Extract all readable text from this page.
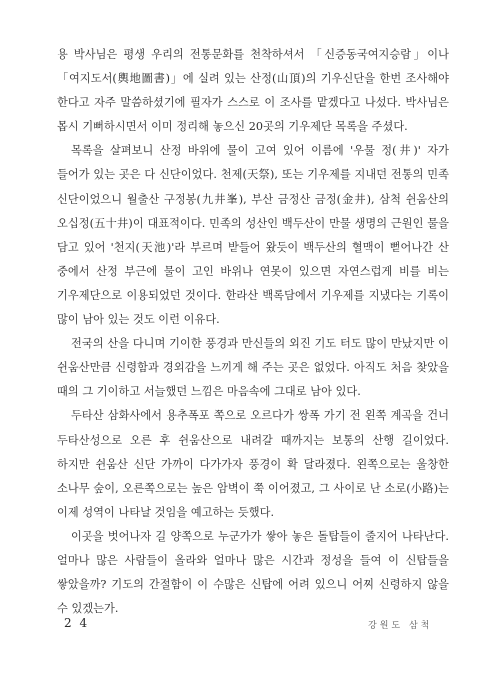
용 박사님은 평생 우리의 전통문화를 천착하셔서 「신증동국여지승람」이나 「여지도서(輿地圖書)」에 실려 있는 산정(山頂)의 기우신단을 한번 조사해야 한다고 자주 말씀하셨기에 필자가 스스로 이 조사를 맡겠다고 나섰다. 박사님은 몹시 기뻐하시면서 이미 정리해 놓으신 20곳의 기우제단 목록을 주셨다.

목록을 살펴보니 산정 바위에 물이 고여 있어 이름에 '우물 정(井)' 자가 들어가 있는 곳은 다 신단이었다. 천제(天祭), 또는 기우제를 지내던 전통의 민족 신단이었으니 월출산 구정봉(九井峯), 부산 금정산 금정(金井), 삼척 쉰움산의 오십정(五十井)이 대표적이다. 민족의 성산인 백두산이 만물 생명의 근원인 물을 담고 있어 '천지(天池)'라 부르며 받들어 왔듯이 백두산의 혈맥이 뻗어나간 산 중에서 산정 부근에 물이 고인 바위나 연못이 있으면 자연스럽게 비를 비는 기우제단으로 이용되었던 것이다. 한라산 백록담에서 기우제를 지냈다는 기록이 많이 남아 있는 것도 이런 이유다.

전국의 산을 다니며 기이한 풍경과 만신들의 외진 기도 터도 많이 만났지만 이 쉰움산만큼 신령함과 경외감을 느끼게 해 주는 곳은 없었다. 아직도 처음 찾았을 때의 그 기이하고 서늘했던 느낌은 마음속에 그대로 남아 있다.

두타산 삼화사에서 용추폭포 쪽으로 오르다가 쌍폭 가기 전 왼쪽 계곡을 건너 두타산성으로 오른 후 쉰움산으로 내려갈 때까지는 보통의 산행 길이었다. 하지만 쉰움산 신단 가까이 다가가자 풍경이 확 달라졌다. 왼쪽으로는 울창한 소나무 숲이, 오른쪽으로는 높은 암벽이 쭉 이어졌고, 그 사이로 난 소로(小路)는 이제 성역이 나타날 것임을 예고하는 듯했다.

이곳을 벗어나자 길 양쪽으로 누군가가 쌓아 놓은 돌탑들이 줄지어 나타난다. 얼마나 많은 사람들이 올라와 얼마나 많은 시간과 정성을 들여 이 신탑들을 쌓았을까? 기도의 간절함이 이 수많은 신탑에 어려 있으니 어찌 신령하지 않을 수 있겠는가.

2 4	강원도 삼척
